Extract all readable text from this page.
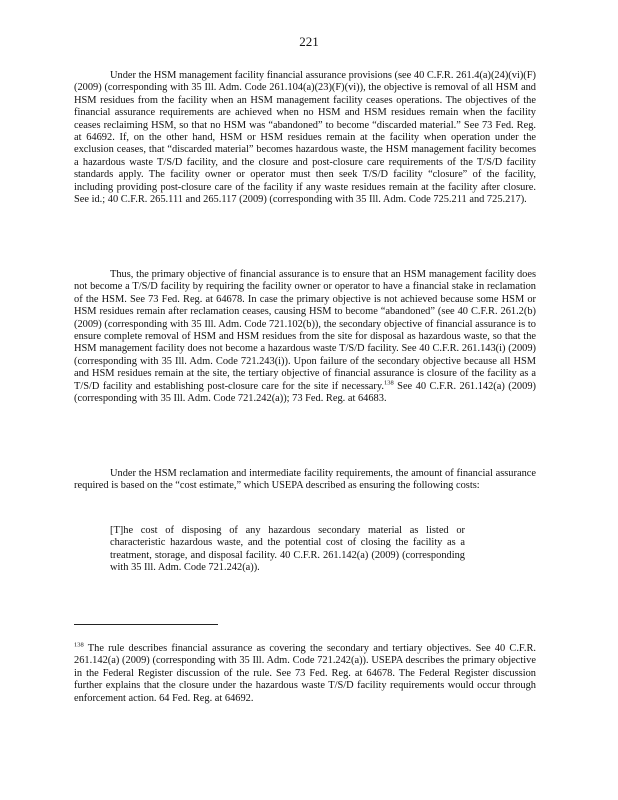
221

Under the HSM management facility financial assurance provisions (see 40 C.F.R. 261.4(a)(24)(vi)(F) (2009) (corresponding with 35 Ill. Adm. Code 261.104(a)(23)(F)(vi)), the objective is removal of all HSM and HSM residues from the facility when an HSM management facility ceases operations. The objectives of the financial assurance requirements are achieved when no HSM and HSM residues remain when the facility ceases reclaiming HSM, so that no HSM was “abandoned” to become “discarded material.” See 73 Fed. Reg. at 64692. If, on the other hand, HSM or HSM residues remain at the facility when operation under the exclusion ceases, that “discarded material” becomes hazardous waste, the HSM management facility becomes a hazardous waste T/S/D facility, and the closure and post-closure care requirements of the T/S/D facility standards apply. The facility owner or operator must then seek T/S/D facility “closure” of the facility, including providing post-closure care of the facility if any waste residues remain at the facility after closure. See id.; 40 C.F.R. 265.111 and 265.117 (2009) (corresponding with 35 Ill. Adm. Code 725.211 and 725.217).

Thus, the primary objective of financial assurance is to ensure that an HSM management facility does not become a T/S/D facility by requiring the facility owner or operator to have a financial stake in reclamation of the HSM. See 73 Fed. Reg. at 64678. In case the primary objective is not achieved because some HSM or HSM residues remain after reclamation ceases, causing HSM to become “abandoned” (see 40 C.F.R. 261.2(b) (2009) (corresponding with 35 Ill. Adm. Code 721.102(b)), the secondary objective of financial assurance is to ensure complete removal of HSM and HSM residues from the site for disposal as hazardous waste, so that the HSM management facility does not become a hazardous waste T/S/D facility. See 40 C.F.R. 261.143(i) (2009) (corresponding with 35 Ill. Adm. Code 721.243(i)). Upon failure of the secondary objective because all HSM and HSM residues remain at the site, the tertiary objective of financial assurance is closure of the facility as a T/S/D facility and establishing post-closure care for the site if necessary.$^{138}$ See 40 C.F.R. 261.142(a) (2009) (corresponding with 35 Ill. Adm. Code 721.242(a)); 73 Fed. Reg. at 64683.

Under the HSM reclamation and intermediate facility requirements, the amount of financial assurance required is based on the “cost estimate,” which USEPA described as ensuring the following costs:

[T]he cost of disposing of any hazardous secondary material as listed or characteristic hazardous waste, and the potential cost of closing the facility as a treatment, storage, and disposal facility. 40 C.F.R. 261.142(a) (2009) (corresponding with 35 Ill. Adm. Code 721.242(a)).

$^{138}$ The rule describes financial assurance as covering the secondary and tertiary objectives. See 40 C.F.R. 261.142(a) (2009) (corresponding with 35 Ill. Adm. Code 721.242(a)). USEPA describes the primary objective in the Federal Register discussion of the rule. See 73 Fed. Reg. at 64678. The Federal Register discussion further explains that the closure under the hazardous waste T/S/D facility requirements would occur through enforcement action. 64 Fed. Reg. at 64692.
